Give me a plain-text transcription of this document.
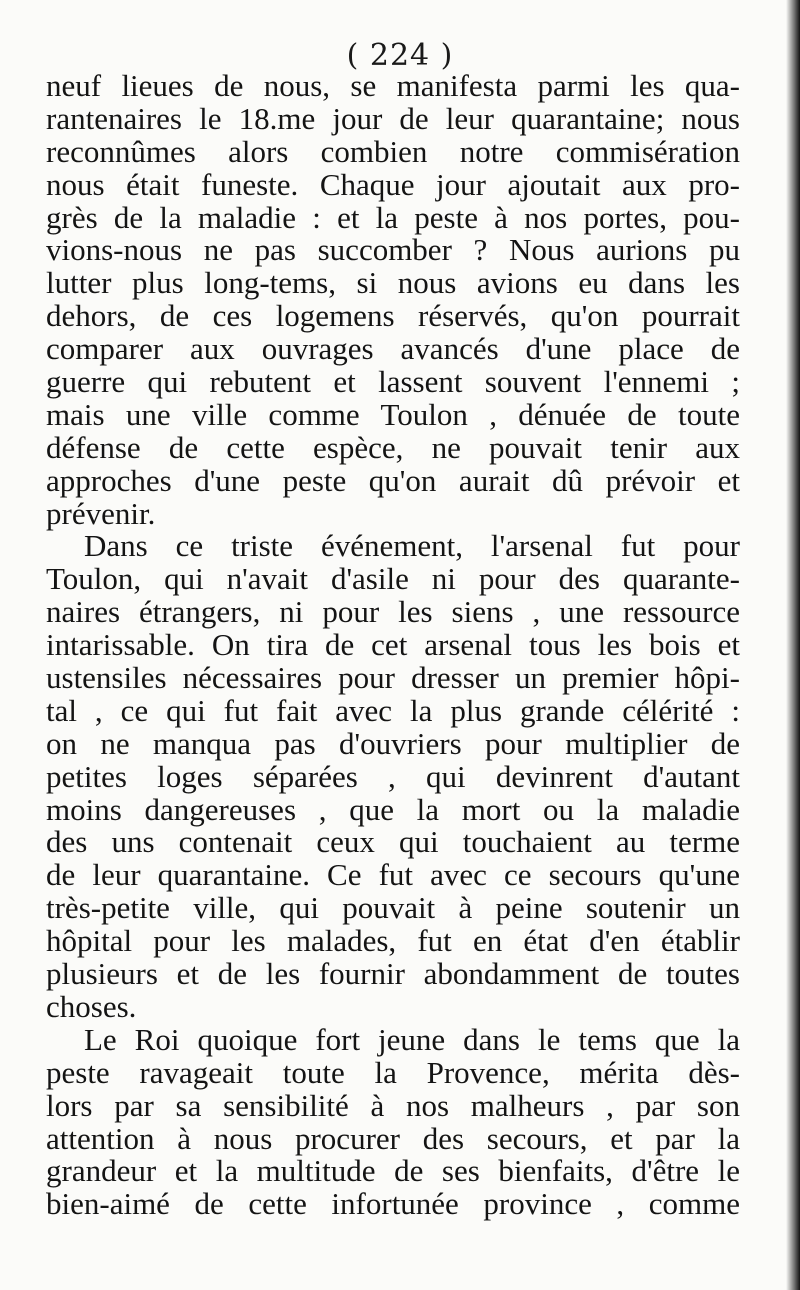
( 224 )
neuf lieues de nous, se manifesta parmi les qua-
rantenaires le 18.me jour de leur quarantaine; nous
reconnûmes alors combien notre commisération
nous était funeste. Chaque jour ajoutait aux pro-
grès de la maladie : et la peste à nos portes, pou-
vions-nous ne pas succomber ? Nous aurions pu
lutter plus long-tems, si nous avions eu dans les
dehors, de ces logemens réservés, qu'on pourrait
comparer aux ouvrages avancés d'une place de
guerre qui rebutent et lassent souvent l'ennemi ;
mais une ville comme Toulon , dénuée de toute
défense de cette espèce, ne pouvait tenir aux
approches d'une peste qu'on aurait dû prévoir et
prévenir.
Dans ce triste événement, l'arsenal fut pour
Toulon, qui n'avait d'asile ni pour des quarante-
naires étrangers, ni pour les siens , une ressource
intarissable. On tira de cet arsenal tous les bois et
ustensiles nécessaires pour dresser un premier hôpi-
tal , ce qui fut fait avec la plus grande célérité :
on ne manqua pas d'ouvriers pour multiplier de
petites loges séparées , qui devinrent d'autant
moins dangereuses , que la mort ou la maladie
des uns contenait ceux qui touchaient au terme
de leur quarantaine. Ce fut avec ce secours qu'une
très-petite ville, qui pouvait à peine soutenir un
hôpital pour les malades, fut en état d'en établir
plusieurs et de les fournir abondamment de toutes
choses.
Le Roi quoique fort jeune dans le tems que la
peste ravageait toute la Provence, mérita dès-
lors par sa sensibilité à nos malheurs , par son
attention à nous procurer des secours, et par la
grandeur et la multitude de ses bienfaits, d'être le
bien-aimé de cette infortunée province , comme
